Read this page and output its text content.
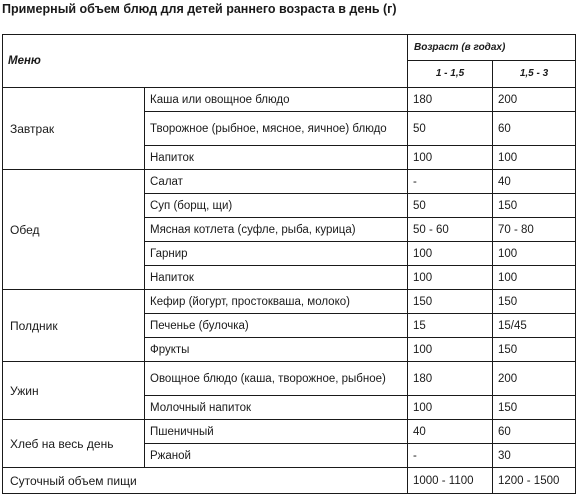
Примерный объем блюд для детей раннего возраста в день (г)
Меню		Возраст (в годах)	
		1 - 1,5	1,5 - 3
Завтрак	Каша или овощное блюдо	180	200
	Творожное (рыбное, мясное, яичное) блюдо	50	60
	Напиток	100	100
Обед	Салат	-	40
	Суп (борщ, щи)	50	150
	Мясная котлета (суфле, рыба, курица)	50 - 60	70 - 80
	Гарнир	100	100
	Напиток	100	100
Полдник	Кефир (йогурт, простокваша, молоко)	150	150
	Печенье (булочка)	15	15/45
	Фрукты	100	150
Ужин	Овощное блюдо (каша, творожное, рыбное)	180	200
	Молочный напиток	100	150
Хлеб на весь день	Пшеничный	40	60
	Ржаной	-	30
Суточный объем пищи		1000 - 1100	1200 - 1500
